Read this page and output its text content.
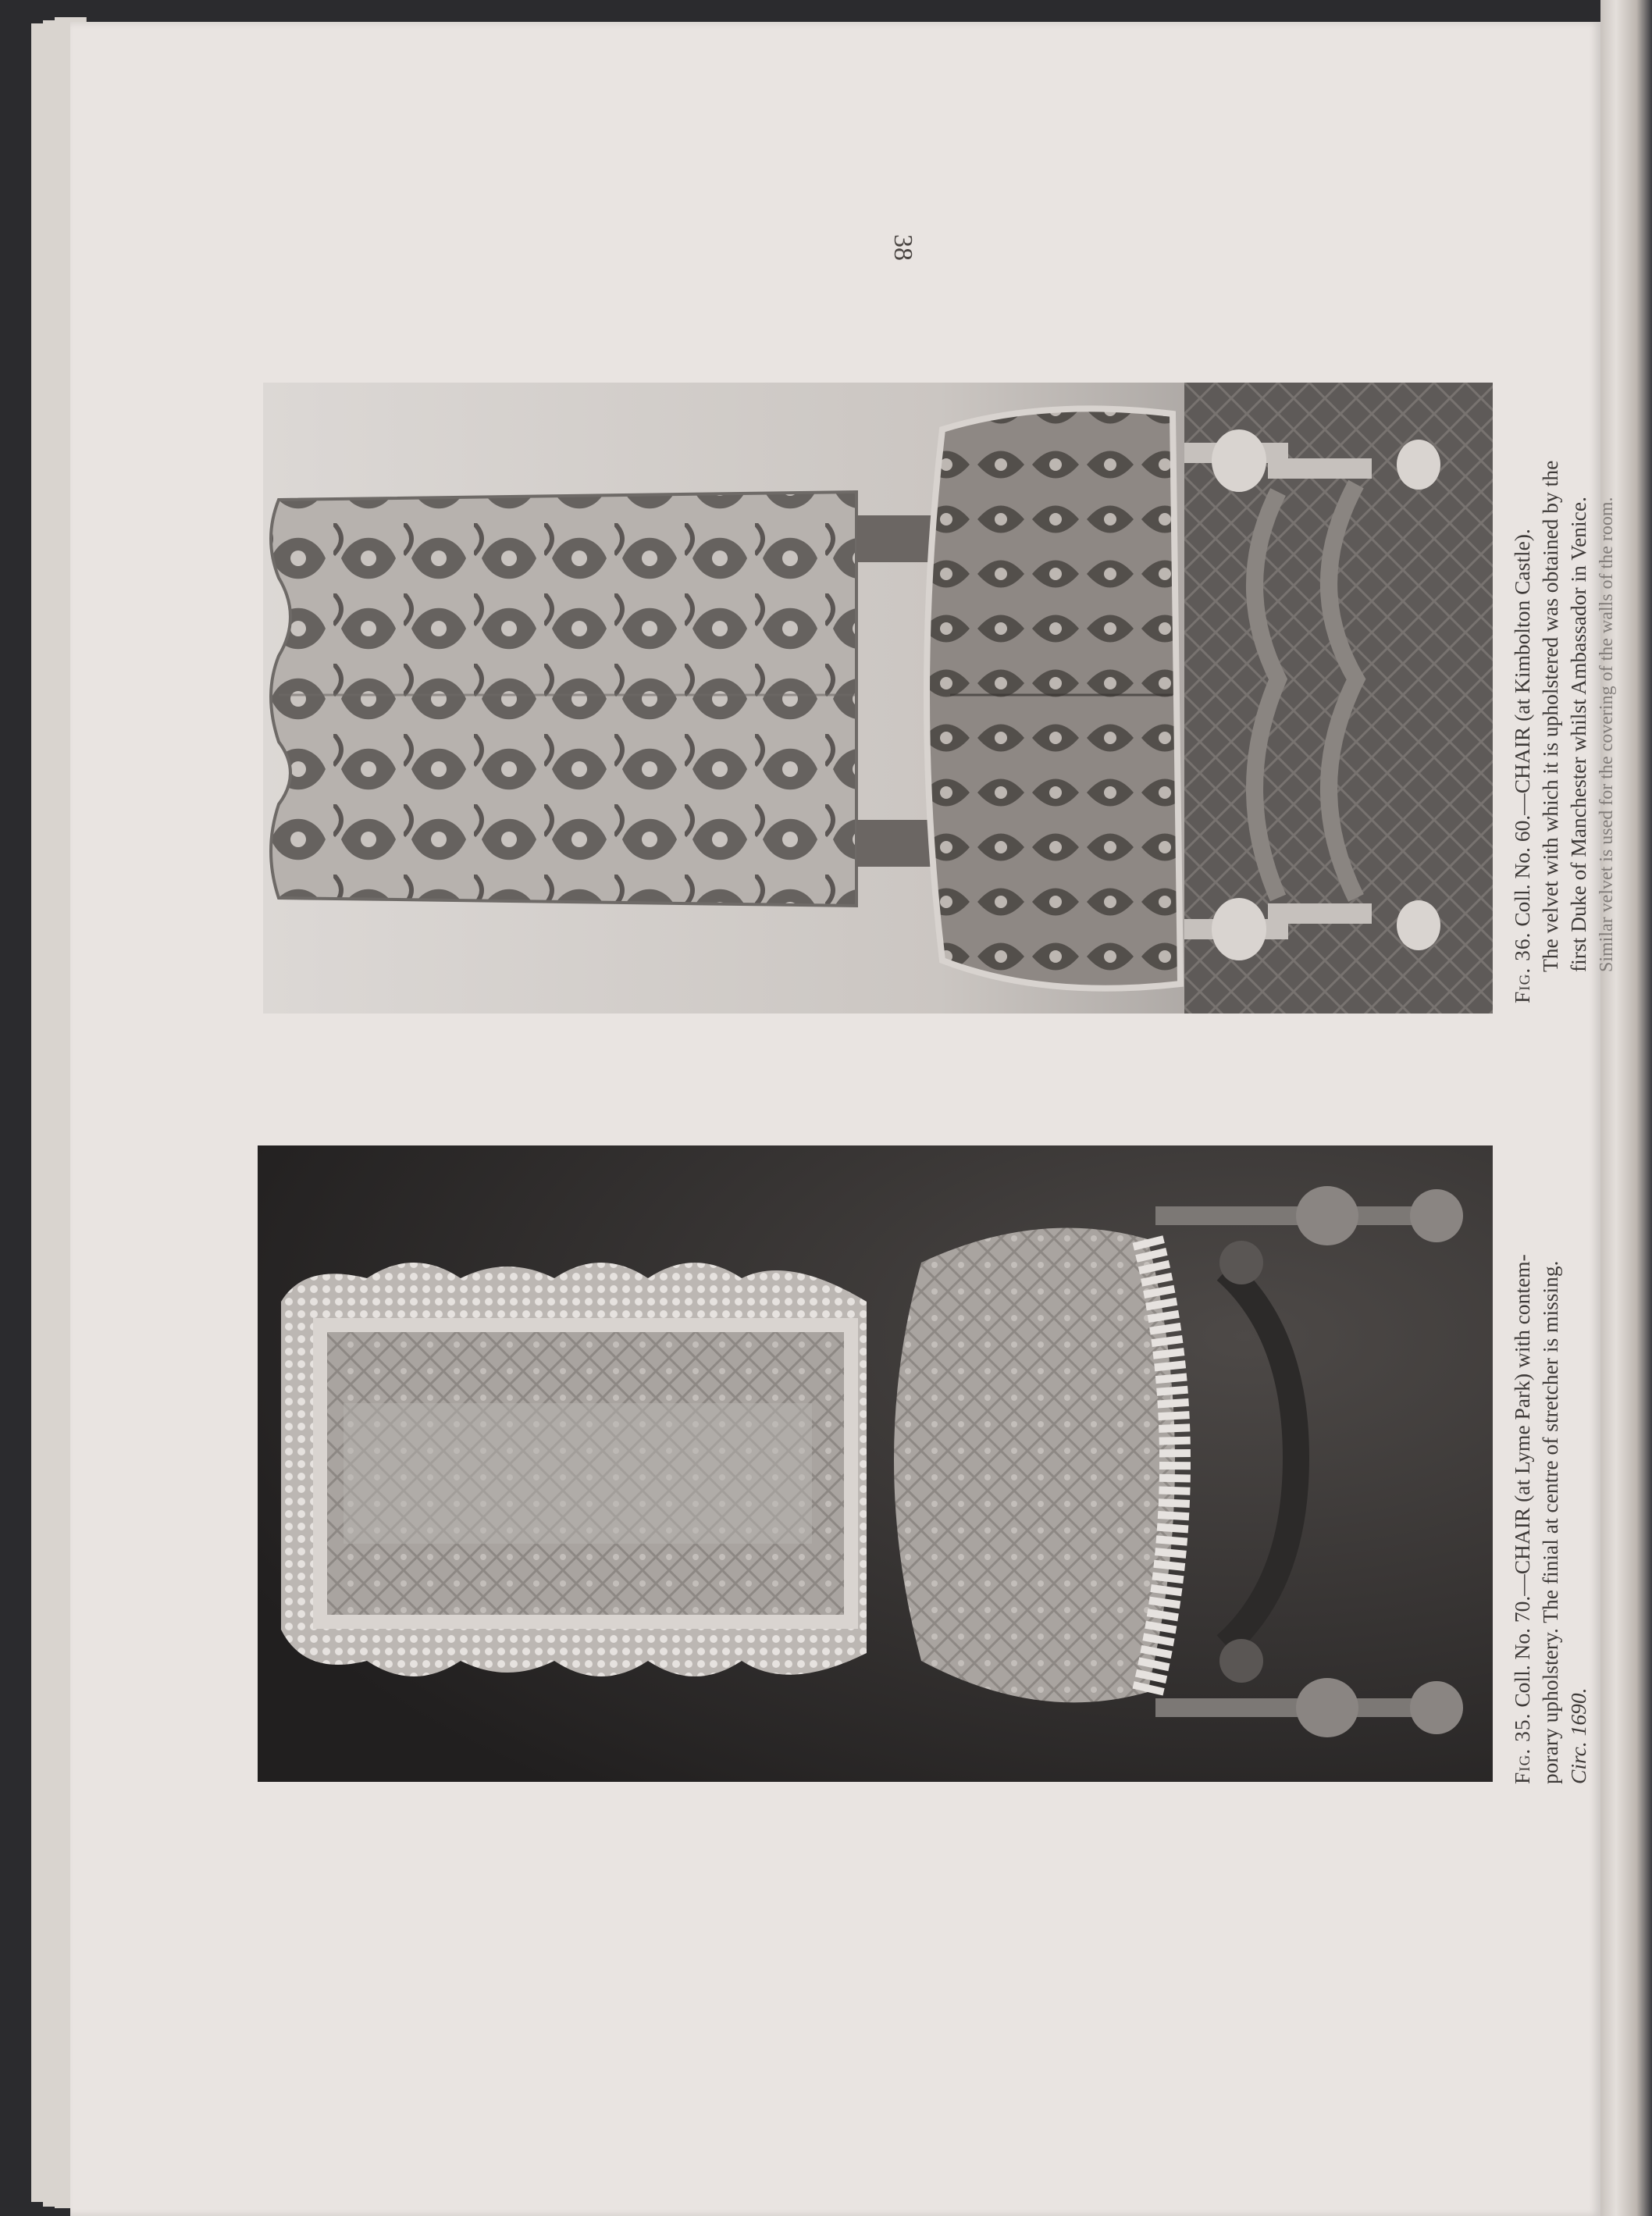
38

Fig. 36. Coll. No. 60.—CHAIR (at Kimbolton Castle). The velvet with which it is upholstered was obtained by the first Duke of Manchester whilst Ambassador in Venice. Similar velvet is used for the covering of the walls of the room.

Fig. 35. Coll. No. 70.—CHAIR (at Lyme Park) with contem- porary upholstery. The finial at centre of stretcher is missing. Circ. 1690.
